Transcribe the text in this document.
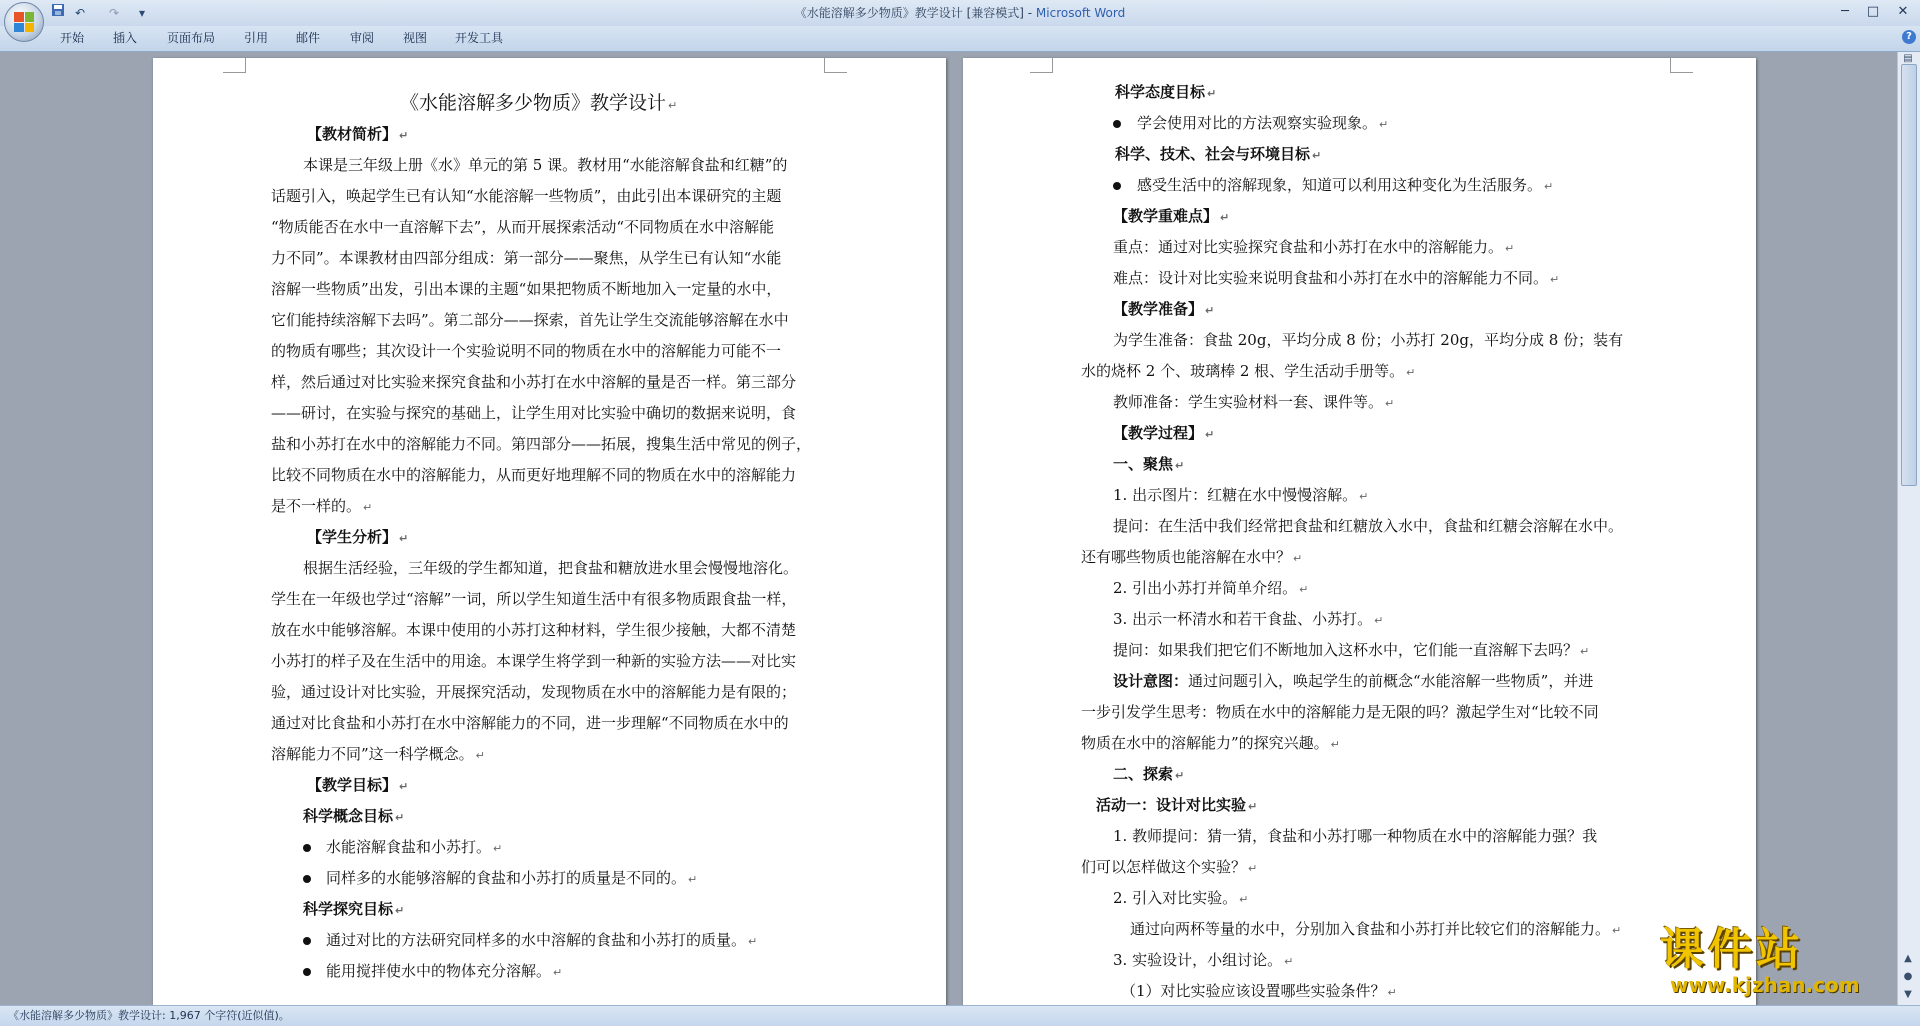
↶ ↷ ▾	《水能溶解多少物质》教学设计 [兼容模式] - Microsoft Word	─	□	✕
开始 插入 页面布局 引用 邮件 审阅 视图 开发工具	?
《水能溶解多少物质》教学设计 ↵
【教材简析】 ↵
本课是三年级上册《水》单元的第 5 课。教材用“水能溶解食盐和红糖”的
话题引入，唤起学生已有认知“水能溶解一些物质”，由此引出本课研究的主题
“物质能否在水中一直溶解下去”，从而开展探索活动“不同物质在水中溶解能
力不同”。本课教材由四部分组成：第一部分——聚焦，从学生已有认知“水能
溶解一些物质”出发，引出本课的主题“如果把物质不断地加入一定量的水中，
它们能持续溶解下去吗”。第二部分——探索，首先让学生交流能够溶解在水中
的物质有哪些；其次设计一个实验说明不同的物质在水中的溶解能力可能不一
样，然后通过对比实验来探究食盐和小苏打在水中溶解的量是否一样。第三部分
——研讨，在实验与探究的基础上，让学生用对比实验中确切的数据来说明，食
盐和小苏打在水中的溶解能力不同。第四部分——拓展，搜集生活中常见的例子，
比较不同物质在水中的溶解能力，从而更好地理解不同的物质在水中的溶解能力
是不一样的。 ↵
【学生分析】 ↵
根据生活经验，三年级的学生都知道，把食盐和糖放进水里会慢慢地溶化。
学生在一年级也学过“溶解”一词，所以学生知道生活中有很多物质跟食盐一样，
放在水中能够溶解。本课中使用的小苏打这种材料，学生很少接触，大都不清楚
小苏打的样子及在生活中的用途。本课学生将学到一种新的实验方法——对比实
验，通过设计对比实验，开展探究活动，发现物质在水中的溶解能力是有限的；
通过对比食盐和小苏打在水中溶解能力的不同，进一步理解“不同物质在水中的
溶解能力不同”这一科学概念。 ↵
【教学目标】 ↵
科学概念目标 ↵
水能溶解食盐和小苏打。 ↵
同样多的水能够溶解的食盐和小苏打的质量是不同的。 ↵
科学探究目标 ↵
通过对比的方法研究同样多的水中溶解的食盐和小苏打的质量。 ↵
能用搅拌使水中的物体充分溶解。 ↵
科学态度目标 ↵
学会使用对比的方法观察实验现象。 ↵
科学、技术、社会与环境目标 ↵
感受生活中的溶解现象，知道可以利用这种变化为生活服务。 ↵
【教学重难点】 ↵
重点：通过对比实验探究食盐和小苏打在水中的溶解能力。 ↵
难点：设计对比实验来说明食盐和小苏打在水中的溶解能力不同。 ↵
【教学准备】 ↵
为学生准备：食盐 20g，平均分成 8 份；小苏打 20g，平均分成 8 份；装有
水的烧杯 2 个、玻璃棒 2 根、学生活动手册等。 ↵
教师准备：学生实验材料一套、课件等。 ↵
【教学过程】 ↵
一、聚焦 ↵
1. 出示图片：红糖在水中慢慢溶解。 ↵
提问：在生活中我们经常把食盐和红糖放入水中，食盐和红糖会溶解在水中。
还有哪些物质也能溶解在水中？ ↵
2. 引出小苏打并简单介绍。 ↵
3. 出示一杯清水和若干食盐、小苏打。 ↵
提问：如果我们把它们不断地加入这杯水中，它们能一直溶解下去吗？ ↵
设计意图：通过问题引入，唤起学生的前概念“水能溶解一些物质”，并进
一步引发学生思考：物质在水中的溶解能力是无限的吗？激起学生对“比较不同
物质在水中的溶解能力”的探究兴趣。 ↵
二、探索 ↵
活动一：设计对比实验 ↵
1. 教师提问：猜一猜，食盐和小苏打哪一种物质在水中的溶解能力强？我
们可以怎样做这个实验？ ↵
2. 引入对比实验。 ↵
通过向两杯等量的水中，分别加入食盐和小苏打并比较它们的溶解能力。 ↵
3. 实验设计，小组讨论。 ↵
（1）对比实验应该设置哪些实验条件？ ↵
▤
▲
●
▼
《水能溶解多少物质》教学设计: 1,967 个字符(近似值)。
课件站
www.kjzhan.com
